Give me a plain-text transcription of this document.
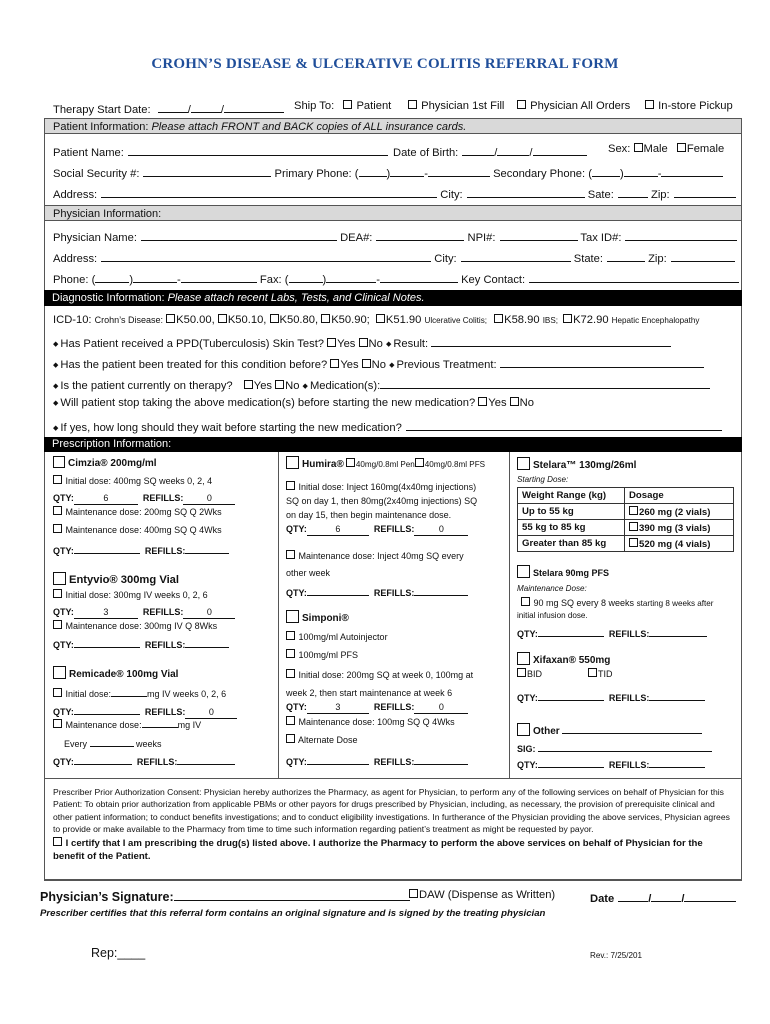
CROHN’S DISEASE & ULCERATIVE COLITIS REFERRAL FORM
Therapy Start Date:	/	/	Ship To: Patient	Physician 1st Fill	Physician All Orders	In-store Pickup
Patient Information: Please attach FRONT and BACK copies of ALL insurance cards.
Patient Name:	Date of Birth:	/	/	Sex: Male Female
Social Security #:	Primary Phone: (	)	-	Secondary Phone: (	)	-
Address:	City:	Sate:	Zip:
Physician Information:
Physician Name:	DEA#:	NPI#:	Tax ID#:
Address:	City:	State:	Zip:
Phone: (	)	-	Fax: (	)	-	Key Contact:
Diagnostic Information: Please attach recent Labs, Tests, and Clinical Notes.
ICD-10: Crohn’s Disease: K50.00, K50.10, K50.80, K50.90; K51.90 Ulcerative Colitis; K58.90 IBS; K72.90 Hepatic Encephalopathy
◆ Has Patient received a PPD(Tuberculosis) Skin Test? Yes No ◆ Result:
◆ Has the patient been treated for this condition before? Yes No ◆ Previous Treatment:
◆ Is the patient currently on therapy? Yes No ◆ Medication(s):
◆ Will patient stop taking the above medication(s) before starting the new medication? Yes No
◆ If yes, how long should they wait before starting the new medication?
Prescription Information:
Cimzia® 200mg/ml
Initial dose: 400mg SQ weeks 0, 2, 4
QTY:	6	REFILLS:	0
Maintenance dose: 200mg SQ Q 2Wks
Maintenance dose: 400mg SQ Q 4Wks
QTY:	REFILLS:
Entyvio® 300mg Vial
Initial dose: 300mg IV weeks 0, 2, 6
QTY:	3	REFILLS:	0
Maintenance dose: 300mg IV Q 8Wks
QTY:	REFILLS:
Remicade® 100mg Vial
Initial dose:	mg IV weeks 0, 2, 6
QTY:	REFILLS:	0
Maintenance dose:	mg IV
Every	weeks
QTY:	REFILLS:
Humira® 40mg/0.8ml Pen 40mg/0.8ml PFS
Initial dose: Inject 160mg(4x40mg injections)
SQ on day 1, then 80mg(2x40mg injections) SQ
on day 15, then begin maintenance dose.
QTY:	6	REFILLS:	0
Maintenance dose: Inject 40mg SQ every
other week
QTY:	REFILLS:
Simponi®
100mg/ml Autoinjector
100mg/ml PFS
Initial dose: 200mg SQ at week 0, 100mg at
week 2, then start maintenance at week 6
QTY:	3	REFILLS:	0
Maintenance dose: 100mg SQ Q 4Wks
Alternate Dose
QTY:	REFILLS:
Stelara™ 130mg/26ml
Starting Dose:
Weight Range (kg)	Dosage
Up to 55 kg	260 mg (2 vials)
55 kg to 85 kg	390 mg (3 vials)
Greater than 85 kg	520 mg (4 vials)
Stelara 90mg PFS
Maintenance Dose:
90 mg SQ every 8 weeks starting 8 weeks after
initial infusion dose.
QTY:	REFILLS:
Xifaxan® 550mg
BID	TID
QTY:	REFILLS:
Other
SIG:
QTY:	REFILLS:
Prescriber Prior Authorization Consent: Physician hereby authorizes the Pharmacy, as agent for Physician, to perform any of the following services on behalf of Physician for this Patient: To obtain prior authorization from applicable PBMs or other payors for drugs prescribed by Physician, including, as necessary, the provision of prerequisite clinical and other patient information; to conduct benefits investigations; and to conduct eligibility investigations. In furtherance of the Physician providing the above services, Physician agrees to provide or make available to the Pharmacy from time to time such information regarding patient’s treatment as might be requested by payor.
I certify that I am prescribing the drug(s) listed above. I authorize the Pharmacy to perform the above services on behalf of Physician for the benefit of the Patient.
Physician’s Signature:	DAW (Dispense as Written)	Date	/	/
Prescriber certifies that this referral form contains an original signature and is signed by the treating physician
Rep:____	Rev.: 7/25/201
